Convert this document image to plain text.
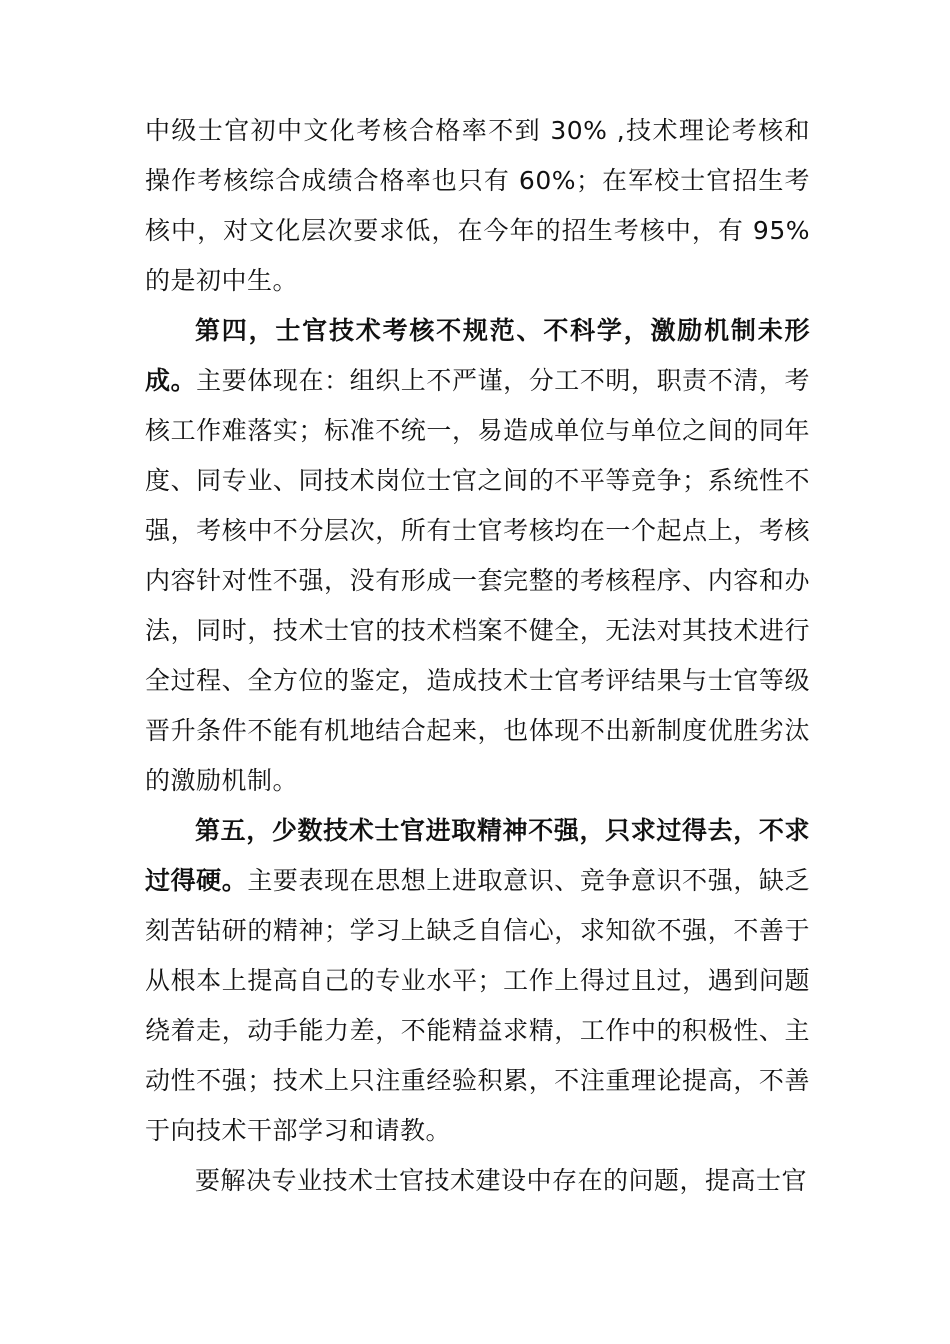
中级士官初中文化考核合格率不到 30% ,技术理论考核和操作考核综合成绩合格率也只有 60%；在军校士官招生考核中，对文化层次要求低，在今年的招生考核中，有 95%的是初中生。

第四，士官技术考核不规范、不科学，激励机制未形成。主要体现在：组织上不严谨，分工不明，职责不清，考核工作难落实；标准不统一，易造成单位与单位之间的同年度、同专业、同技术岗位士官之间的不平等竞争；系统性不强，考核中不分层次，所有士官考核均在一个起点上，考核内容针对性不强，没有形成一套完整的考核程序、内容和办法，同时，技术士官的技术档案不健全，无法对其技术进行全过程、全方位的鉴定，造成技术士官考评结果与士官等级晋升条件不能有机地结合起来，也体现不出新制度优胜劣汰的激励机制。

第五，少数技术士官进取精神不强，只求过得去，不求过得硬。主要表现在思想上进取意识、竞争意识不强，缺乏刻苦钻研的精神；学习上缺乏自信心，求知欲不强，不善于从根本上提高自己的专业水平；工作上得过且过，遇到问题绕着走，动手能力差，不能精益求精，工作中的积极性、主动性不强；技术上只注重经验积累，不注重理论提高，不善于向技术干部学习和请教。

要解决专业技术士官技术建设中存在的问题，提高士官
